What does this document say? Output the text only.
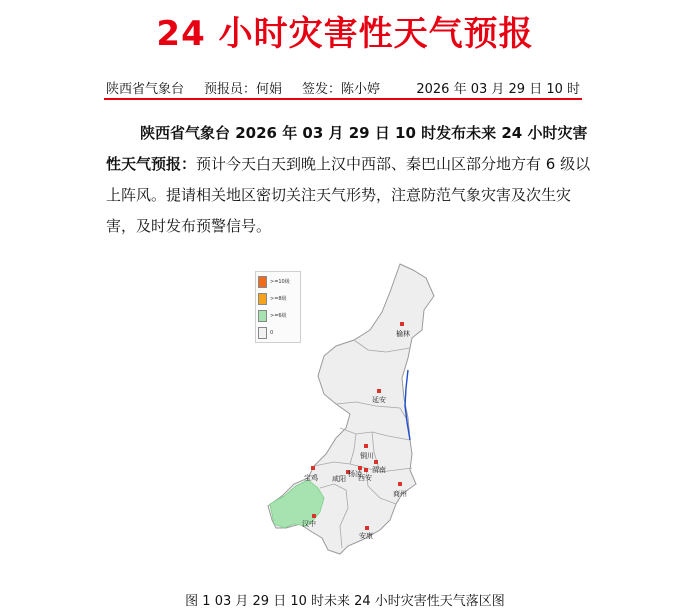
24 小时灾害性天气预报
陕西省气象台 预报员：何娟 签发：陈小婷	2026 年 03 月 29 日 10 时
陕西省气象台 2026 年 03 月 29 日 10 时发布未来 24 小时灾害性天气预报：预计今天白天到晚上汉中西部、秦巴山区部分地方有 6 级以上阵风。提请相关地区密切关注天气形势，注意防范气象灾害及次生灾害，及时发布预警信号。
>=10级
>=8级
>=6级
0	榆林
延安
铜川
渭南
宝鸡	杨凌
咸阳 西安
商州
汉中
安康
图 1 03 月 29 日 10 时未来 24 小时灾害性天气落区图
